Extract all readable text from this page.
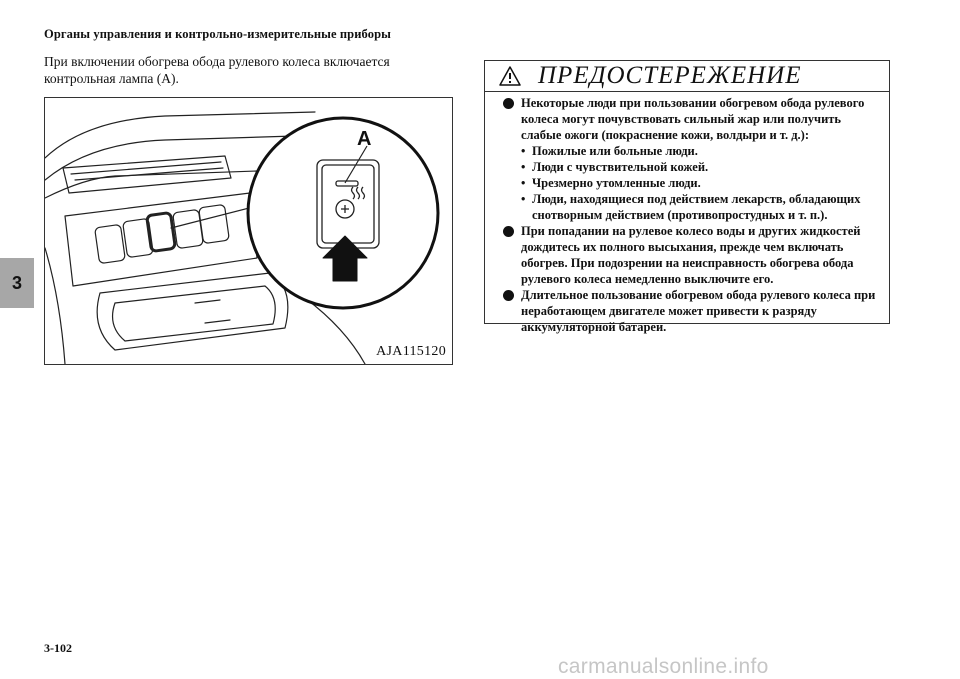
Органы управления и контрольно-измерительные приборы
3
При включении обогрева обода рулевого колеса включается контрольная лампа (А).
A
AJA115120
ПРЕДОСТЕРЕЖЕНИЕ
Некоторые люди при пользовании обогревом обода рулевого колеса могут почувствовать сильный жар или получить слабые ожоги (покраснение кожи, волдыри и т. д.):
• Пожилые или больные люди.
• Люди с чувствительной кожей.
• Чрезмерно утомленные люди.
• Люди, находящиеся под действием лекарств, обладающих снотворным действием (противопростудных и т. п.).
При попадании на рулевое колесо воды и других жидкостей дождитесь их полного высыхания, прежде чем включать обогрев. При подозрении на неисправность обогрева обода рулевого колеса немедленно выключите его.
Длительное пользование обогревом обода рулевого колеса при неработающем двигателе может привести к разряду аккумуляторной батареи.
3-102
carmanualsonline.info
